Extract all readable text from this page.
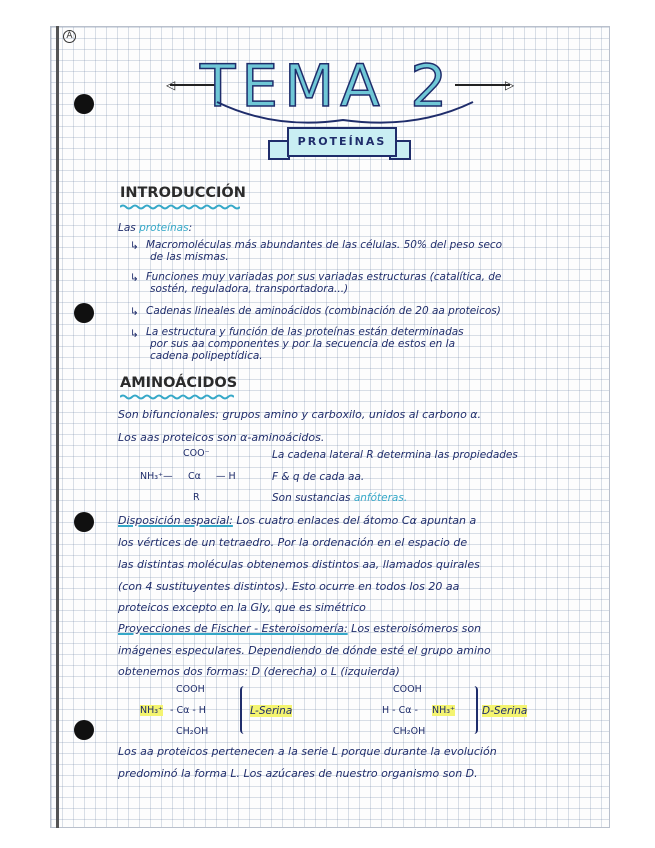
A
◁	▷
TEMA 2
PROTEÍNAS
INTRODUCCIÓN
Las proteínas:
↳ Macromoléculas más abundantes de las células. 50% del peso seco
de las mismas.
↳ Funciones muy variadas por sus variadas estructuras (catalítica, de
sostén, reguladora, transportadora...)
↳ Cadenas lineales de aminoácidos (combinación de 20 aa proteicos)
↳ La estructura y función de las proteínas están determinadas
por sus aa componentes y por la secuencia de estos en la
cadena polipeptídica.
AMINOÁCIDOS
Son bifuncionales: grupos amino y carboxilo, unidos al carbono α.
Los aas proteicos son α-aminoácidos.
COO⁻
NH₃⁺— Cα — H
R
La cadena lateral R determina las propiedades
F & q de cada aa.
Son sustancias anfóteras.
Disposición espacial: Los cuatro enlaces del átomo Cα apuntan a
los vértices de un tetraedro. Por la ordenación en el espacio de
las distintas moléculas obtenemos distintos aa, llamados quirales
(con 4 sustituyentes distintos). Esto ocurre en todos los 20 aa
proteicos excepto en la Gly, que es simétrico
Proyecciones de Fischer - Esteroisomería: Los esteroisómeros son
imágenes especulares. Dependiendo de dónde esté el grupo amino
obtenemos dos formas: D (derecha) o L (izquierda)
COOH
NH₃⁺ - Cα - H
CH₂OH
L-Serina
COOH
H - Cα - NH₃⁺
CH₂OH
D-Serina
Los aa proteicos pertenecen a la serie L porque durante la evolución
predominó la forma L. Los azúcares de nuestro organismo son D.
